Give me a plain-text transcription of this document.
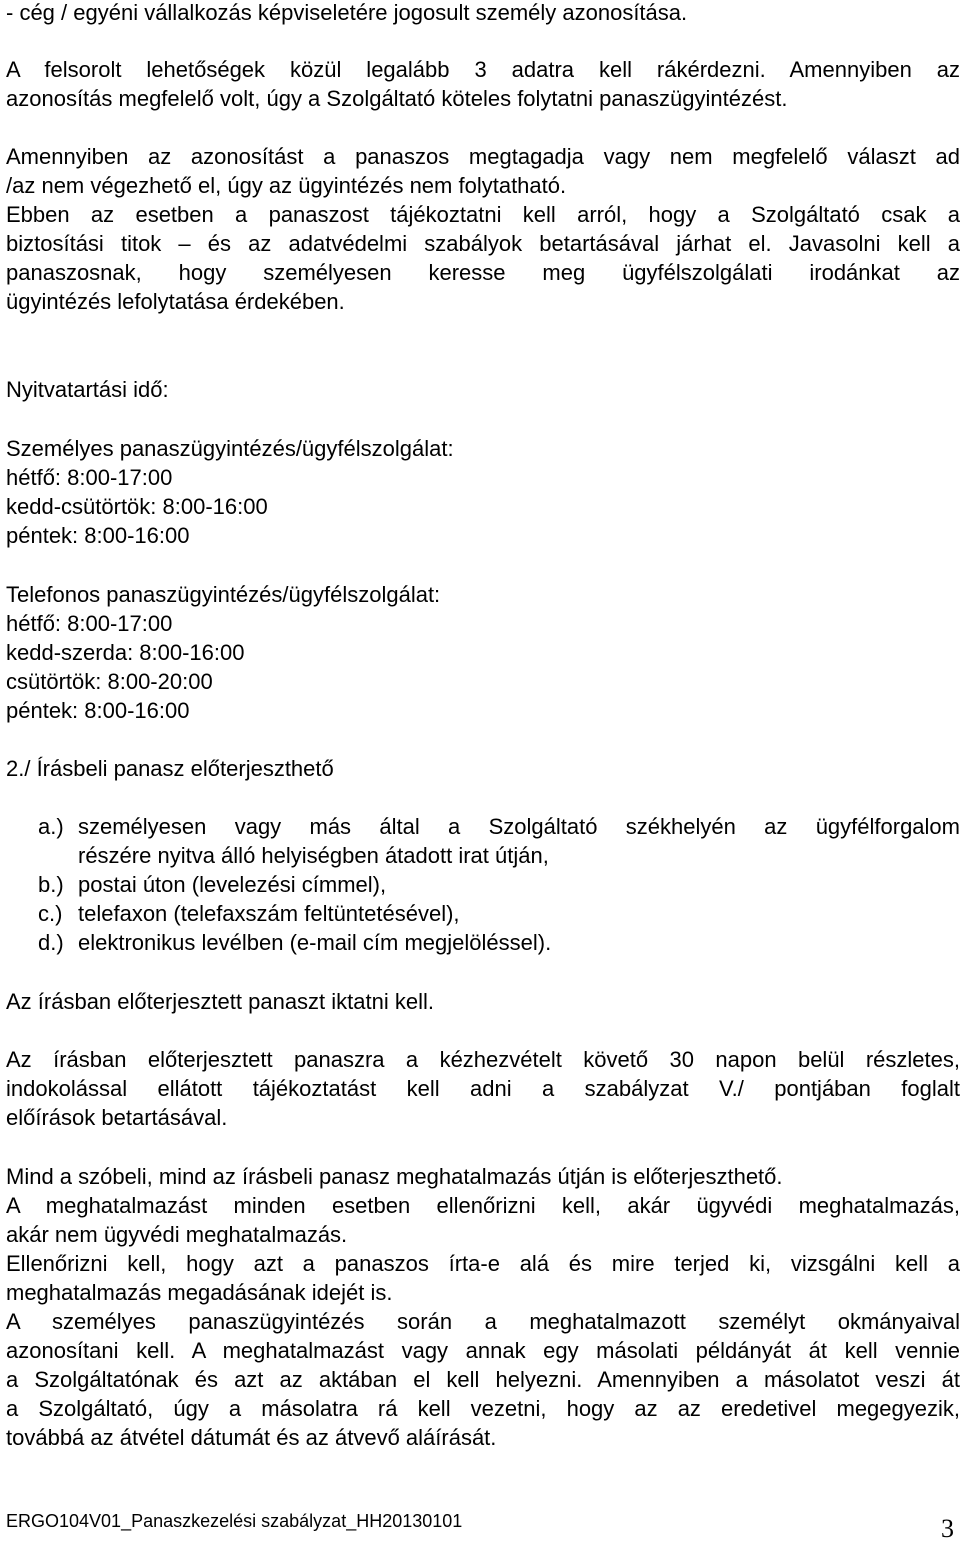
- cég / egyéni vállalkozás képviseletére jogosult személy azonosítása.
A felsorolt lehetőségek közül legalább 3 adatra kell rákérdezni. Amennyiben az
azonosítás megfelelő volt, úgy a Szolgáltató köteles folytatni panaszügyintézést.
Amennyiben az azonosítást a panaszos megtagadja vagy nem megfelelő választ ad
/az nem végezhető el, úgy az ügyintézés nem folytatható.
Ebben az esetben a panaszost tájékoztatni kell arról, hogy a Szolgáltató csak a
biztosítási titok – és az adatvédelmi szabályok betartásával járhat el. Javasolni kell a
panaszosnak, hogy személyesen keresse meg ügyfélszolgálati irodánkat az
ügyintézés lefolytatása érdekében.
Nyitvatartási idő:
Személyes panaszügyintézés/ügyfélszolgálat:
hétfő: 8:00-17:00
kedd-csütörtök: 8:00-16:00
péntek: 8:00-16:00
Telefonos panaszügyintézés/ügyfélszolgálat:
hétfő: 8:00-17:00
kedd-szerda: 8:00-16:00
csütörtök: 8:00-20:00
péntek: 8:00-16:00
2./ Írásbeli panasz előterjeszthető
a.) személyesen vagy más által a Szolgáltató székhelyén az ügyfélforgalom
részére nyitva álló helyiségben átadott irat útján,
b.) postai úton (levelezési címmel),
c.) telefaxon (telefaxszám feltüntetésével),
d.) elektronikus levélben (e-mail cím megjelöléssel).
Az írásban előterjesztett panaszt iktatni kell.
Az írásban előterjesztett panaszra a kézhezvételt követő 30 napon belül részletes,
indokolással ellátott tájékoztatást kell adni a szabályzat V./ pontjában foglalt
előírások betartásával.
Mind a szóbeli, mind az írásbeli panasz meghatalmazás útján is előterjeszthető.
A meghatalmazást minden esetben ellenőrizni kell, akár ügyvédi meghatalmazás,
akár nem ügyvédi meghatalmazás.
Ellenőrizni kell, hogy azt a panaszos írta-e alá és mire terjed ki, vizsgálni kell a
meghatalmazás megadásának idejét is.
A személyes panaszügyintézés során a meghatalmazott személyt okmányaival
azonosítani kell. A meghatalmazást vagy annak egy másolati példányát át kell vennie
a Szolgáltatónak és azt az aktában el kell helyezni. Amennyiben a másolatot veszi át
a Szolgáltató, úgy a másolatra rá kell vezetni, hogy az az eredetivel megegyezik,
továbbá az átvétel dátumát és az átvevő aláírását.
ERGO104V01_Panaszkezelési szabályzat_HH20130101	3
